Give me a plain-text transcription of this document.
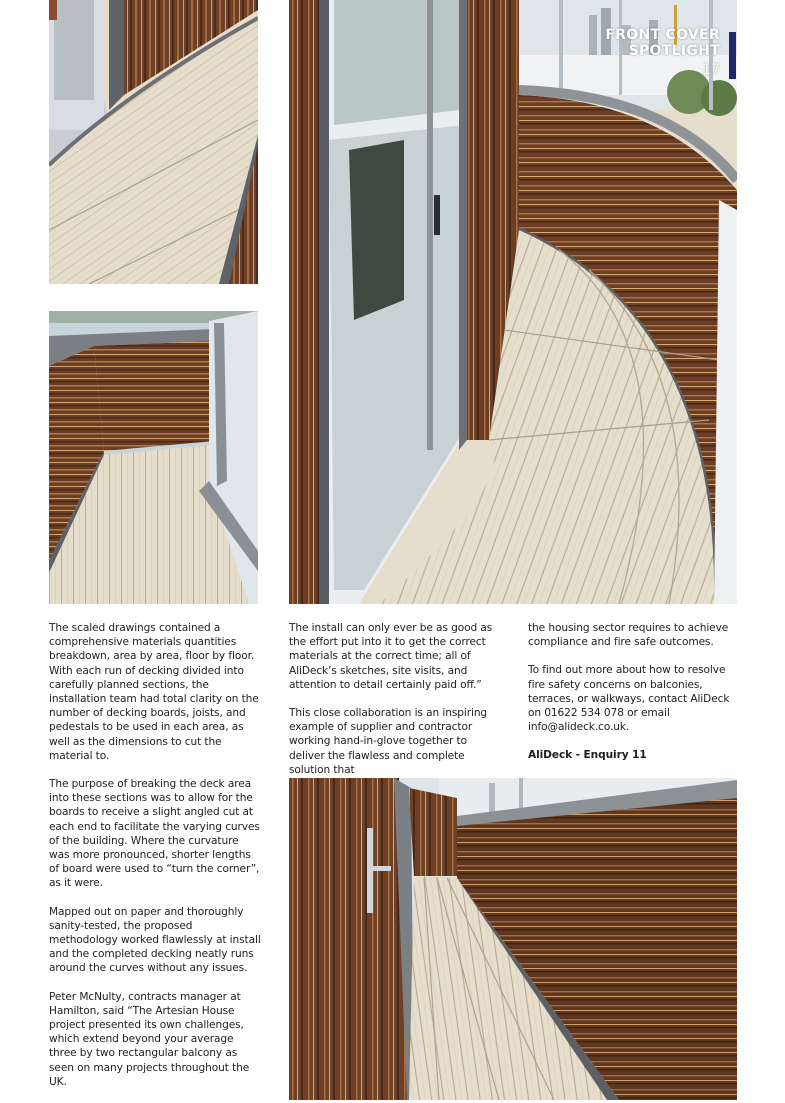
FRONT COVER SPOTLIGHT
17

The scaled drawings contained a comprehensive materials quantities breakdown, area by area, floor by floor. With each run of decking divided into carefully planned sections, the installation team had total clarity on the number of decking boards, joists, and pedestals to be used in each area, as well as the dimensions to cut the material to.

The purpose of breaking the deck area into these sections was to allow for the boards to receive a slight angled cut at each end to facilitate the varying curves of the building. Where the curvature was more pronounced, shorter lengths of board were used to “turn the corner”, as it were.

Mapped out on paper and thoroughly sanity-tested, the proposed methodology worked flawlessly at install and the completed decking neatly runs around the curves without any issues.

Peter McNulty, contracts manager at Hamilton, said “The Artesian House project presented its own challenges, which extend beyond your average three by two rectangular balcony as seen on many projects throughout the UK.

The install can only ever be as good as the effort put into it to get the correct materials at the correct time; all of AliDeck’s sketches, site visits, and attention to detail certainly paid off.”

This close collaboration is an inspiring example of supplier and contractor working hand-in-glove together to deliver the flawless and complete solution that

the housing sector requires to achieve compliance and fire safe outcomes.

To find out more about how to resolve fire safety concerns on balconies, terraces, or walkways, contact AliDeck on 01622 534 078 or email info@alideck.co.uk.

AliDeck - Enquiry 11
